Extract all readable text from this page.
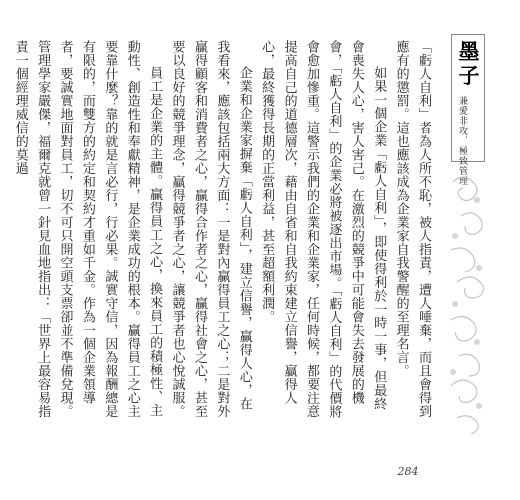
墨子
兼愛非攻．極致管理

「虧人自利」者為人所不恥，被人指責，遭人唾棄，而且會得到應有的懲罰。這也應該成為企業家自我警醒的至理名言。

如果一個企業「虧人自利」，即使得利於一時一事，但最終會喪失人心，害人害己。在激烈的競爭中可能會失去發展的機會，「虧人自利」的企業必將被逐出市場。「虧人自利」的代價將會愈加慘重。這警示我們的企業和企業家，任何時候，都要注意提高自己的道德層次，藉由自省和自我約束建立信譽，贏得人心，最終獲得長期的正當利益，甚至超額利潤。

企業和企業家摒棄「虧人自利」，建立信譽，贏得人心，在我看來，應該包括兩大方面：一是對內贏得員工之心；二是對外贏得顧客和消費者之心，贏得合作者之心，贏得社會之心，甚至要以良好的競爭理念，贏得競爭者之心，讓競爭者也心悅誠服。

員工是企業的主體。贏得員工之心，換來員工的積極性、主動性、創造性和奉獻精神，是企業成功的根本。贏得員工之心主要靠什麼？靠的就是言必行，行必果。誠實守信，因為報酬總是有限的，而雙方的約定和契約才重如千金。作為一個企業領導者，要誠實地面對員工，切不可只開空頭支票卻並不準備兌現。管理學家嚴傑，福爾克就曾一針見血地指出：「世界上最容易指責一個經理威信的莫過

284
